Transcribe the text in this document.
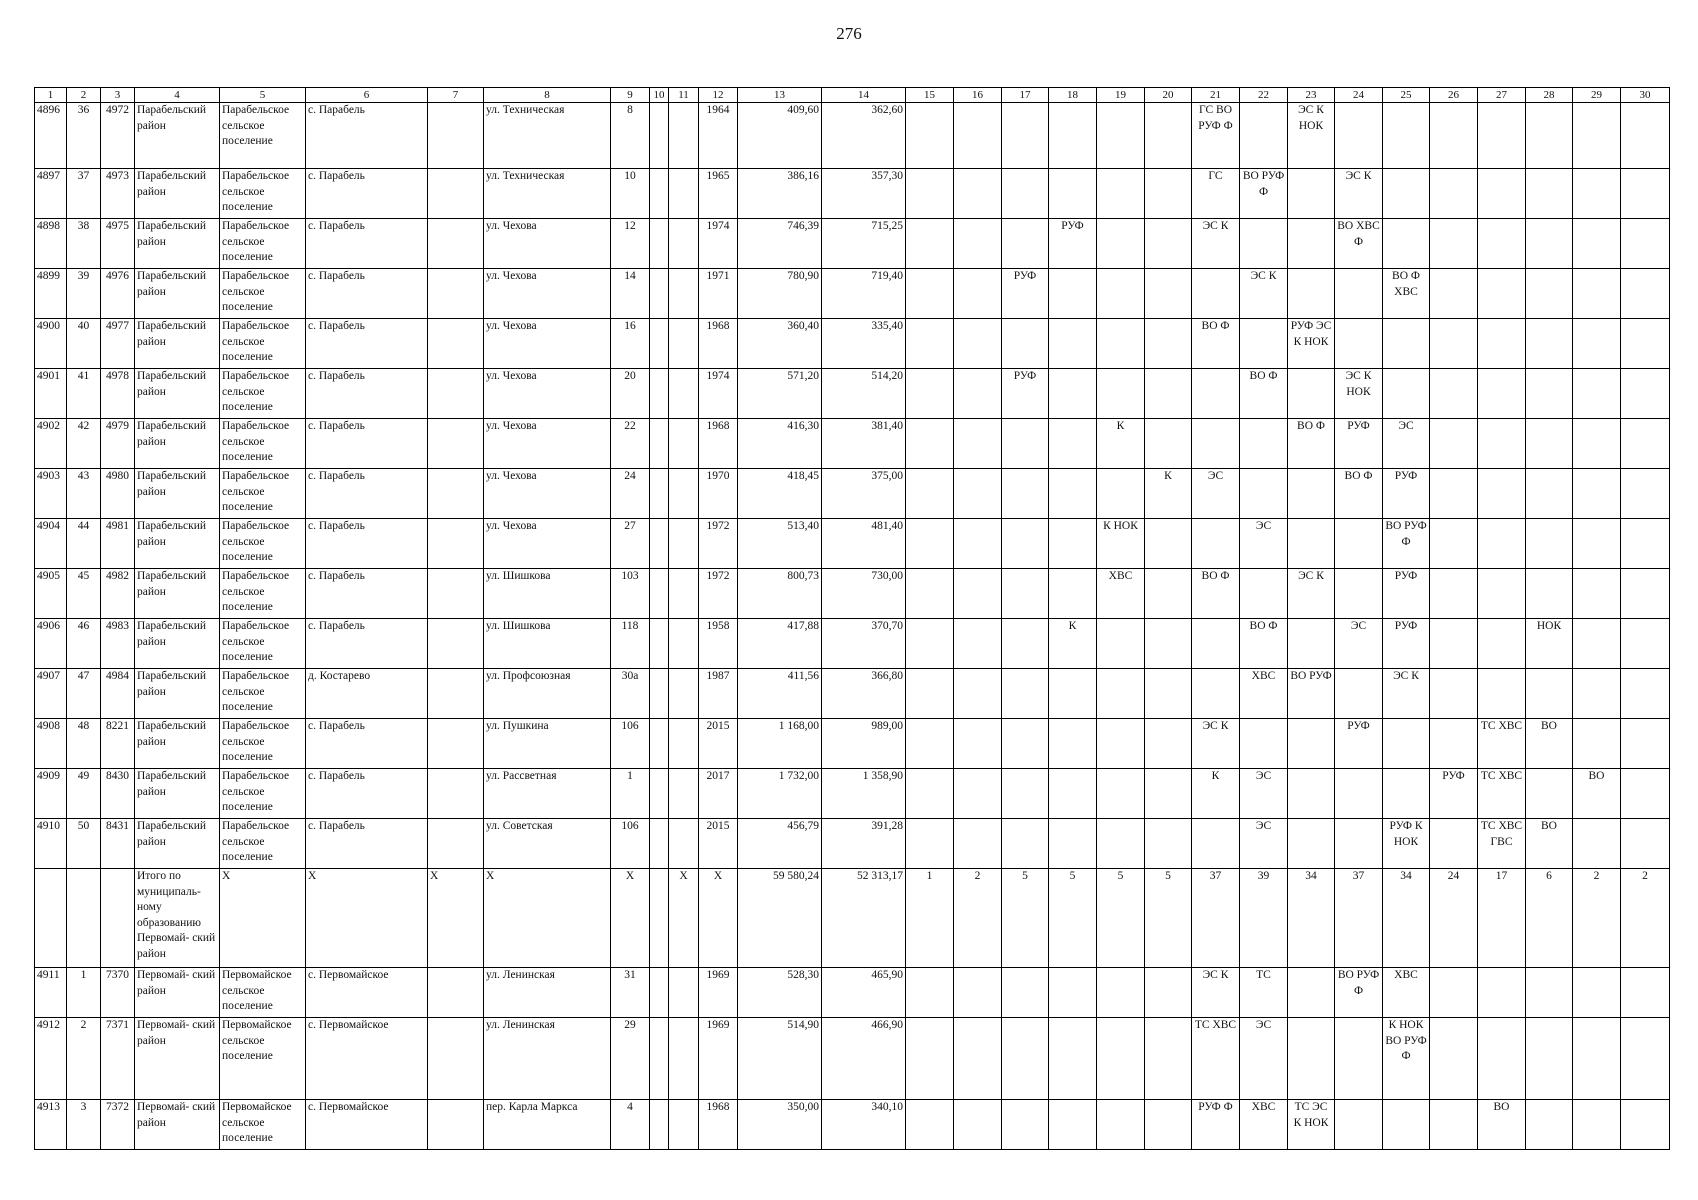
276
1	2	3	4	5	6	7	8	9	10	11	12	13	14	15	16	17	18	19	20	21	22	23	24	25	26	27	28	29	30

4896	36	4972	Парабельский район	Парабельское сельское поселение	с. Парабель		ул. Техническая	8			1964	409,60	362,60							ГС ВО РУФ Ф		ЭС К НОК							

4897	37	4973	Парабельский район	Парабельское сельское поселение	с. Парабель		ул. Техническая	10			1965	386,16	357,30							ГС	ВО РУФ Ф		ЭС К						

4898	38	4975	Парабельский район	Парабельское сельское поселение	с. Парабель		ул. Чехова	12			1974	746,39	715,25				РУФ			ЭС К			ВО ХВС Ф						

4899	39	4976	Парабельский район	Парабельское сельское поселение	с. Парабель		ул. Чехова	14			1971	780,90	719,40			РУФ					ЭС К			ВО Ф ХВС					

4900	40	4977	Парабельский район	Парабельское сельское поселение	с. Парабель		ул. Чехова	16			1968	360,40	335,40							ВО Ф		РУФ ЭС К НОК							

4901	41	4978	Парабельский район	Парабельское сельское поселение	с. Парабель		ул. Чехова	20			1974	571,20	514,20			РУФ					ВО Ф		ЭС К НОК						

4902	42	4979	Парабельский район	Парабельское сельское поселение	с. Парабель		ул. Чехова	22			1968	416,30	381,40					К				ВО Ф	РУФ	ЭС					

4903	43	4980	Парабельский район	Парабельское сельское поселение	с. Парабель		ул. Чехова	24			1970	418,45	375,00						К	ЭС			ВО Ф	РУФ					

4904	44	4981	Парабельский район	Парабельское сельское поселение	с. Парабель		ул. Чехова	27			1972	513,40	481,40					К НОК			ЭС			ВО РУФ Ф					

4905	45	4982	Парабельский район	Парабельское сельское поселение	с. Парабель		ул. Шишкова	103			1972	800,73	730,00					ХВС		ВО Ф		ЭС К		РУФ					

4906	46	4983	Парабельский район	Парабельское сельское поселение	с. Парабель		ул. Шишкова	118			1958	417,88	370,70				К				ВО Ф		ЭС	РУФ			НОК		

4907	47	4984	Парабельский район	Парабельское сельское поселение	д. Костарево		ул. Профсоюзная	30а			1987	411,56	366,80								ХВС	ВО РУФ		ЭС К					

4908	48	8221	Парабельский район	Парабельское сельское поселение	с. Парабель		ул. Пушкина	106			2015	1 168,00	989,00							ЭС К			РУФ			ТС ХВС	ВО		

4909	49	8430	Парабельский район	Парабельское сельское поселение	с. Парабель		ул. Рассветная	1			2017	1 732,00	1 358,90							К	ЭС				РУФ	ТС ХВС		ВО	

4910	50	8431	Парабельский район	Парабельское сельское поселение	с. Парабель		ул. Советская	106			2015	456,79	391,28								ЭС			РУФ К НОК		ТС ХВС ГВС	ВО		

			Итого по муниципаль- ному образованию Первомай- ский район	Х	Х	Х	Х	Х		Х	Х	59 580,24	52 313,17	1	2	5	5	5	5	37	39	34	37	34	24	17	6	2	2

4911	1	7370	Первомай- ский район	Первомайское сельское поселение	с. Первомайское		ул. Ленинская	31			1969	528,30	465,90							ЭС К	ТС		ВО РУФ Ф	ХВС					

4912	2	7371	Первомай- ский район	Первомайское сельское поселение	с. Первомайское		ул. Ленинская	29			1969	514,90	466,90							ТС ХВС	ЭС			К НОК ВО РУФ Ф					

4913	3	7372	Первомай- ский район	Первомайское сельское поселение	с. Первомайское		пер. Карла Маркса	4			1968	350,00	340,10							РУФ Ф	ХВС	ТС ЭС К НОК				ВО			
